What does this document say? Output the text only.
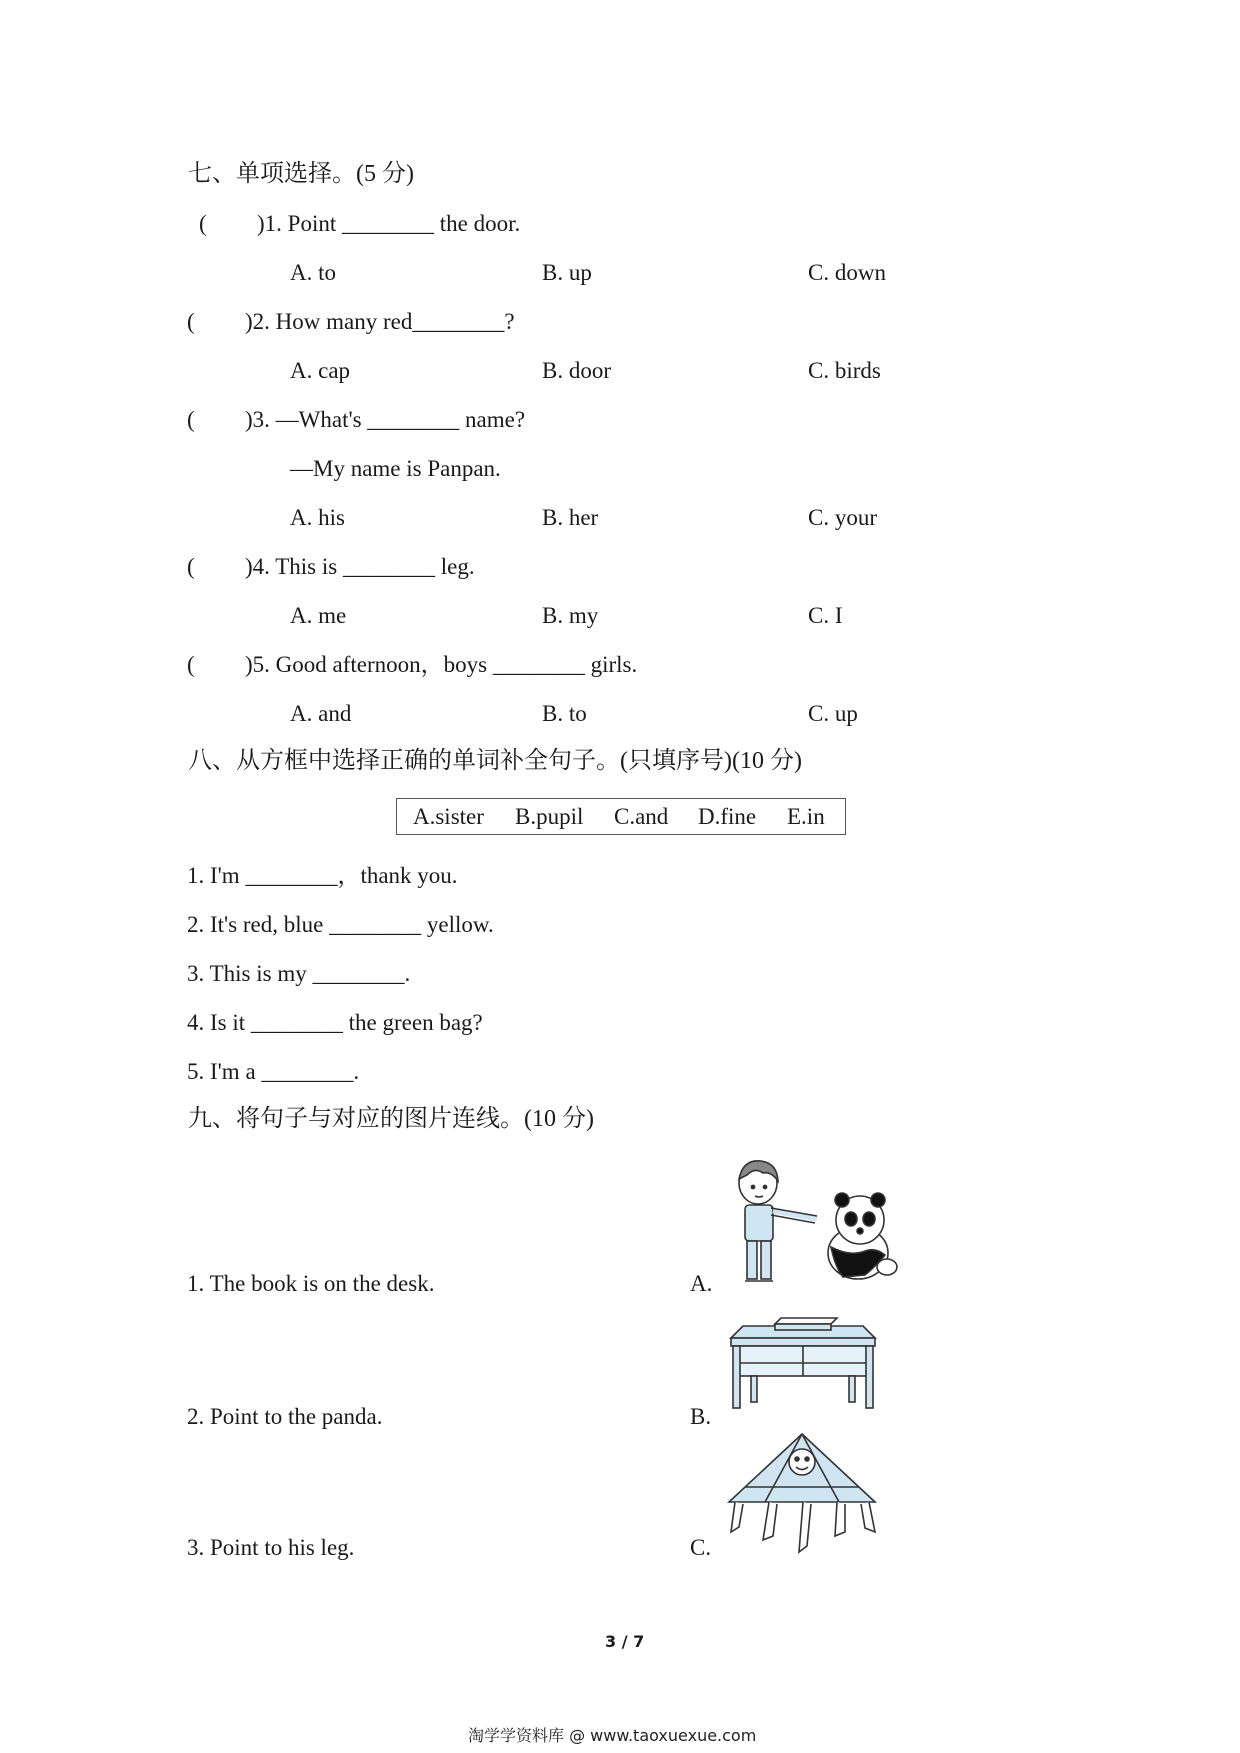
七、单项选择。(5 分)
( )1. Point ________ the door.
A. to	B. up	C. down
( )2. How many red________?
A. cap	B. door	C. birds
( )3. —What's ________ name?
—My name is Panpan.
A. his	B. her	C. your
( )4. This is ________ leg.
A. me	B. my	C. I
( )5. Good afternoon，boys ________ girls.
A. and	B. to	C. up
八、从方框中选择正确的单词补全句子。(只填序号)(10 分)
A.sister B.pupil C.and D.fine E.in
1. I'm ________，thank you.
2. It's red, blue ________ yellow.
3. This is my ________.
4. Is it ________ the green bag?
5. I'm a ________.
九、将句子与对应的图片连线。(10 分)
1. The book is on the desk.
2. Point to the panda.
3. Point to his leg.
A.
B.
C.
3 / 7
淘学学资料库 @ www.taoxuexue.com
